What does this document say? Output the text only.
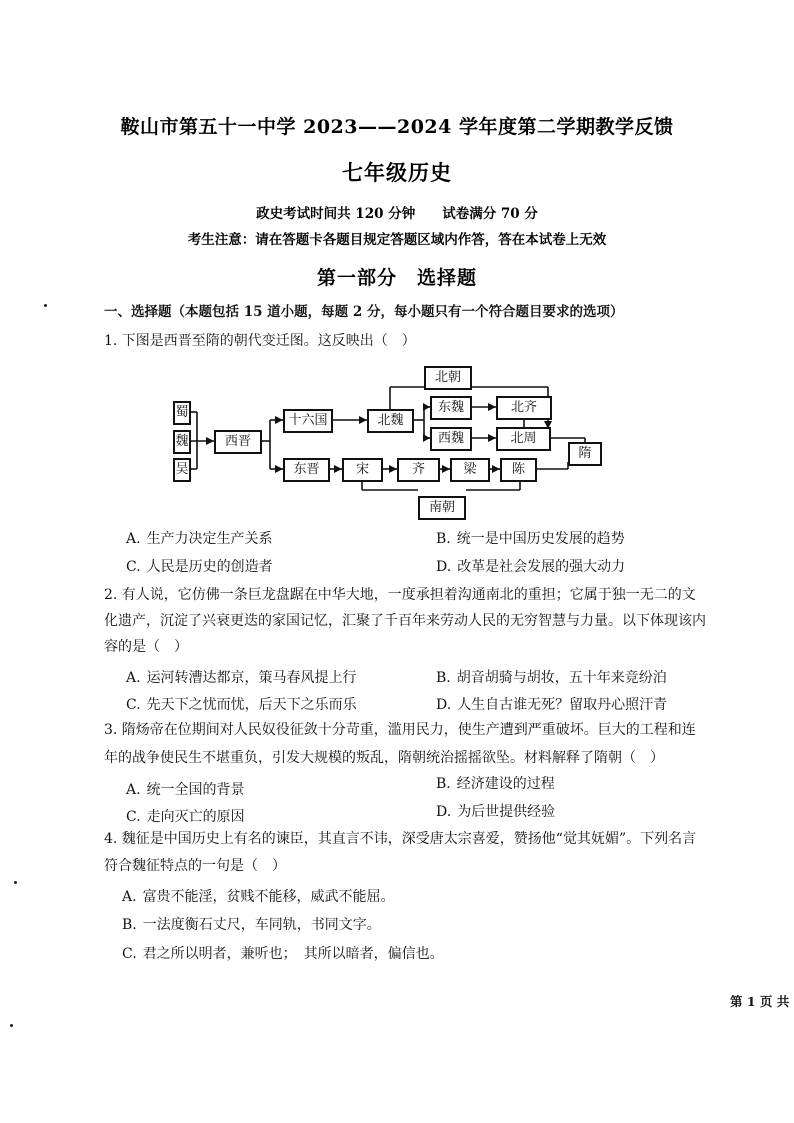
鞍山市第五十一中学 2023——2024 学年度第二学期教学反馈
七年级历史
政史考试时间共 120 分钟　　试卷满分 70 分
考生注意：请在答题卡各题目规定答题区域内作答，答在本试卷上无效
第一部分　选择题
一、选择题（本题包括 15 道小题，每题 2 分，每小题只有一个符合题目要求的选项）
1. 下图是西晋至隋的朝代变迁图。这反映出（　）
蜀
魏
吴
西晋
十六国	北魏
北朝
东魏	北齐
西魏	北周
隋
东晋	宋	齐	梁	陈
南朝
A. 生产力决定生产关系	B. 统一是中国历史发展的趋势
C. 人民是历史的创造者	D. 改革是社会发展的强大动力
2. 有人说，它仿佛一条巨龙盘踞在中华大地，一度承担着沟通南北的重担；它属于独一无二的文
化遗产，沉淀了兴衰更迭的家国记忆，汇聚了千百年来劳动人民的无穷智慧与力量。以下体现该内
容的是（　）
A. 运河转漕达都京，策马春风提上行	B. 胡音胡骑与胡妆，五十年来竞纷泊
C. 先天下之忧而忧，后天下之乐而乐	D. 人生自古谁无死？留取丹心照汗青
3. 隋炀帝在位期间对人民奴役征敛十分苛重，滥用民力，使生产遭到严重破坏。巨大的工程和连
年的战争使民生不堪重负，引发大规模的叛乱，隋朝统治摇摇欲坠。材料解释了隋朝（　）
A. 统一全国的背景	B. 经济建设的过程
C. 走向灭亡的原因	D. 为后世提供经验
4. 魏征是中国历史上有名的谏臣，其直言不讳，深受唐太宗喜爱，赞扬他“觉其妩媚”。下列名言
符合魏征特点的一句是（　）
A. 富贵不能淫，贫贱不能移，威武不能屈。
B. 一法度衡石丈尺，车同轨，书同文字。
C. 君之所以明者，兼听也；　其所以暗者，偏信也。
第 1 页 共
